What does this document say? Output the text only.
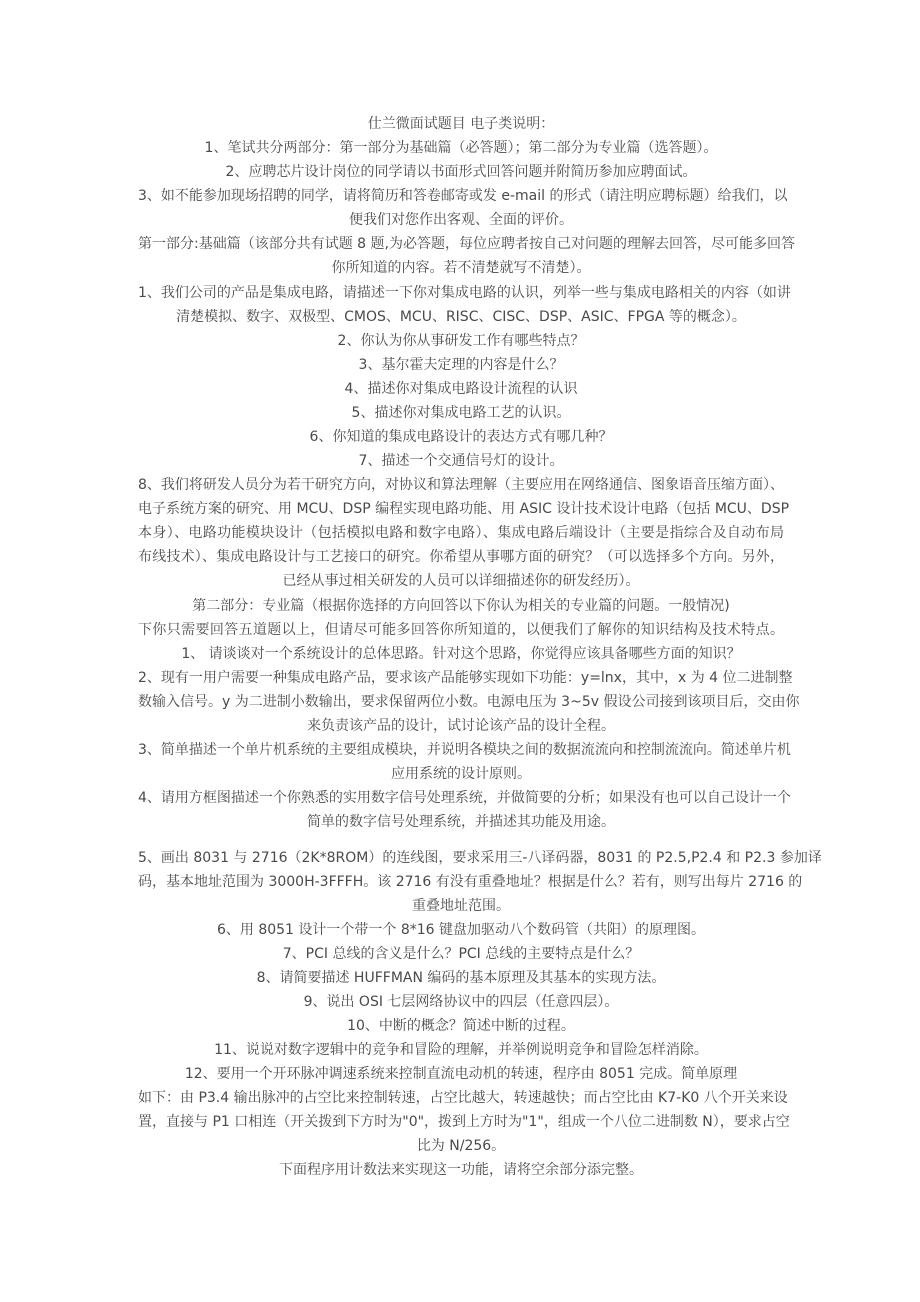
仕兰微面试题目 电子类说明：
1、笔试共分两部分：第一部分为基础篇（必答题）；第二部分为专业篇（选答题）。
2、应聘芯片设计岗位的同学请以书面形式回答问题并附简历参加应聘面试。
3、如不能参加现场招聘的同学，请将简历和答卷邮寄或发 e-mail 的形式（请注明应聘标题）给我们，以
便我们对您作出客观、全面的评价。
第一部分:基础篇（该部分共有试题 8 题,为必答题，每位应聘者按自己对问题的理解去回答，尽可能多回答
你所知道的内容。若不清楚就写不清楚）。
1、我们公司的产品是集成电路，请描述一下你对集成电路的认识，列举一些与集成电路相关的内容（如讲
清楚模拟、数字、双极型、CMOS、MCU、RISC、CISC、DSP、ASIC、FPGA 等的概念）。
2、你认为你从事研发工作有哪些特点？
3、基尔霍夫定理的内容是什么？
4、描述你对集成电路设计流程的认识
5、描述你对集成电路工艺的认识。
6、你知道的集成电路设计的表达方式有哪几种？
7、描述一个交通信号灯的设计。
8、我们将研发人员分为若干研究方向，对协议和算法理解（主要应用在网络通信、图象语音压缩方面）、
电子系统方案的研究、用 MCU、DSP 编程实现电路功能、用 ASIC 设计技术设计电路（包括 MCU、DSP
本身）、电路功能模块设计（包括模拟电路和数字电路）、集成电路后端设计（主要是指综合及自动布局
布线技术）、集成电路设计与工艺接口的研究。你希望从事哪方面的研究？（可以选择多个方向。另外，
已经从事过相关研发的人员可以详细描述你的研发经历）。
第二部分：专业篇（根据你选择的方向回答以下你认为相关的专业篇的问题。一般情况)
下你只需要回答五道题以上，但请尽可能多回答你所知道的，以便我们了解你的知识结构及技术特点。
1、 请谈谈对一个系统设计的总体思路。针对这个思路，你觉得应该具备哪些方面的知识？
2、现有一用户需要一种集成电路产品，要求该产品能够实现如下功能：y=lnx，其中，x 为 4 位二进制整
数输入信号。y 为二进制小数输出，要求保留两位小数。电源电压为 3~5v 假设公司接到该项目后，交由你
来负责该产品的设计，试讨论该产品的设计全程。
3、简单描述一个单片机系统的主要组成模块，并说明各模块之间的数据流流向和控制流流向。简述单片机
应用系统的设计原则。
4、请用方框图描述一个你熟悉的实用数字信号处理系统，并做简要的分析；如果没有也可以自己设计一个
简单的数字信号处理系统，并描述其功能及用途。
5、画出 8031 与 2716（2K*8ROM）的连线图，要求采用三-八译码器，8031 的 P2.5,P2.4 和 P2.3 参加译
码，基本地址范围为 3000H-3FFFH。该 2716 有没有重叠地址？根据是什么？若有，则写出每片 2716 的
重叠地址范围。
6、用 8051 设计一个带一个 8*16 键盘加驱动八个数码管（共阳）的原理图。
7、PCI 总线的含义是什么？PCI 总线的主要特点是什么？
8、请简要描述 HUFFMAN 编码的基本原理及其基本的实现方法。
9、说出 OSI 七层网络协议中的四层（任意四层）。
10、中断的概念？简述中断的过程。
11、说说对数字逻辑中的竞争和冒险的理解，并举例说明竞争和冒险怎样消除。
12、要用一个开环脉冲调速系统来控制直流电动机的转速，程序由 8051 完成。简单原理
如下：由 P3.4 输出脉冲的占空比来控制转速，占空比越大，转速越快；而占空比由 K7-K0 八个开关来设
置，直接与 P1 口相连（开关拨到下方时为"0"，拨到上方时为"1"，组成一个八位二进制数 N），要求占空
比为 N/256。
下面程序用计数法来实现这一功能，请将空余部分添完整。
